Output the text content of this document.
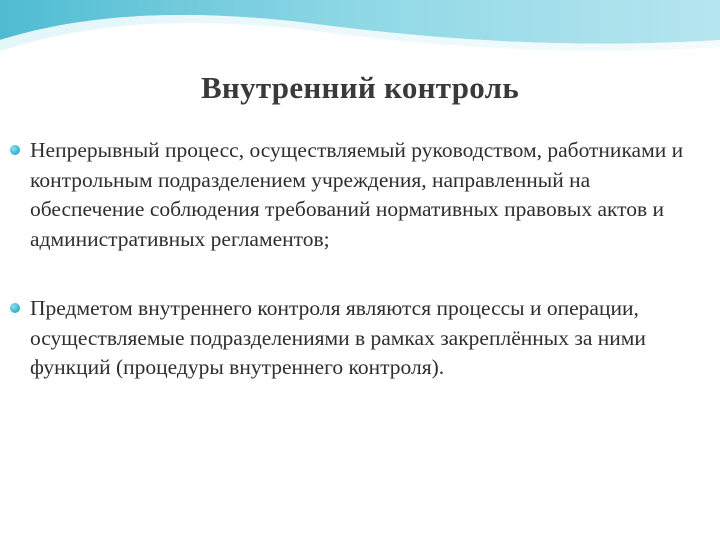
Внутренний контроль
Непрерывный процесс, осуществляемый руководством, работниками и контрольным подразделением учреждения, направленный на обеспечение соблюдения требований нормативных правовых актов и административных регламентов;
Предметом внутреннего контроля являются процессы и операции, осуществляемые подразделениями в рамках закреплённых за ними функций (процедуры внутреннего контроля).
